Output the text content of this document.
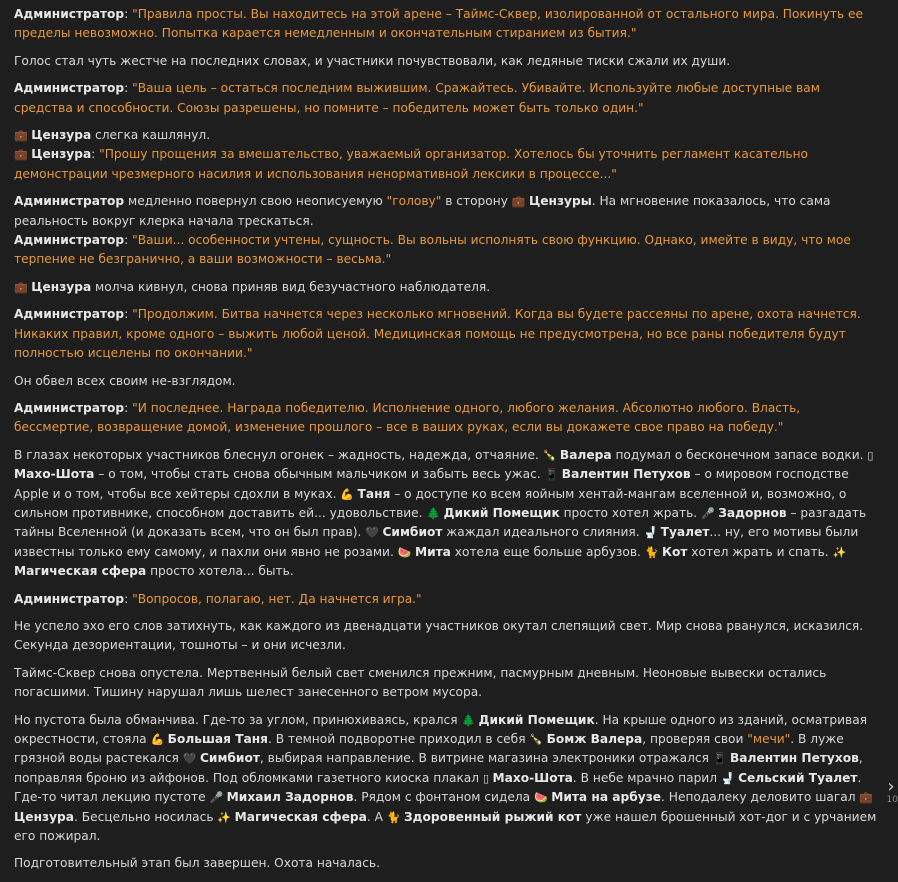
Администратор: "Правила просты. Вы находитесь на этой арене – Таймс-Сквер, изолированной от остального мира. Покинуть ее пределы невозможно. Попытка карается немедленным и окончательным стиранием из бытия."
Голос стал чуть жестче на последних словах, и участники почувствовали, как ледяные тиски сжали их души.
Администратор: "Ваша цель – остаться последним выжившим. Сражайтесь. Убивайте. Используйте любые доступные вам средства и способности. Союзы разрешены, но помните – победитель может быть только один."
💼 Цензура слегка кашлянул.
💼 Цензура: "Прошу прощения за вмешательство, уважаемый организатор. Хотелось бы уточнить регламент касательно демонстрации чрезмерного насилия и использования ненормативной лексики в процессе..."
Администратор медленно повернул свою неописуемую "голову" в сторону 💼 Цензуры. На мгновение показалось, что сама реальность вокруг клерка начала трескаться.
Администратор: "Ваши... особенности учтены, сущность. Вы вольны исполнять свою функцию. Однако, имейте в виду, что мое терпение не безгранично, а ваши возможности – весьма."
💼 Цензура молча кивнул, снова приняв вид безучастного наблюдателя.
Администратор: "Продолжим. Битва начнется через несколько мгновений. Когда вы будете рассеяны по арене, охота начнется. Никаких правил, кроме одного – выжить любой ценой. Медицинская помощь не предусмотрена, но все раны победителя будут полностью исцелены по окончании."
Он обвел всех своим не-взглядом.
Администратор: "И последнее. Награда победителю. Исполнение одного, любого желания. Абсолютно любого. Власть, бессмертие, возвращение домой, изменение прошлого – все в ваших руках, если вы докажете свое право на победу."
В глазах некоторых участников блеснул огонек – жадность, надежда, отчаяние. 🍾 Валера подумал о бесконечном запасе водки. ▯ Махо-Шота – о том, чтобы стать снова обычным мальчиком и забыть весь ужас. 📱 Валентин Петухов – о мировом господстве Apple и о том, чтобы все хейтеры сдохли в муках. 💪 Таня – о доступе ко всем яойным хентай-мангам вселенной и, возможно, о сильном противнике, способном доставить ей... удовольствие. 🌲 Дикий Помещик просто хотел жрать. 🎤 Задорнов – разгадать тайны Вселенной (и доказать всем, что он был прав). 🖤 Симбиот жаждал идеального слияния. 🚽 Туалет... ну, его мотивы были известны только ему самому, и пахли они явно не розами. 🍉 Мита хотела еще больше арбузов. 🐈 Кот хотел жрать и спать. ✨ Магическая сфера просто хотела... быть.
Администратор: "Вопросов, полагаю, нет. Да начнется игра."
Не успело эхо его слов затихнуть, как каждого из двенадцати участников окутал слепящий свет. Мир снова рванулся, исказился. Секунда дезориентации, тошноты – и они исчезли.
Таймс-Сквер снова опустела. Мертвенный белый свет сменился прежним, пасмурным дневным. Неоновые вывески остались погасшими. Тишину нарушал лишь шелест занесенного ветром мусора.
Но пустота была обманчива. Где-то за углом, принюхиваясь, крался 🌲 Дикий Помещик. На крыше одного из зданий, осматривая окрестности, стояла 💪 Большая Таня. В темной подворотне приходил в себя 🍾 Бомж Валера, проверяя свои "мечи". В луже грязной воды растекался 🖤 Симбиот, выбирая направление. В витрине магазина электроники отражался 📱 Валентин Петухов, поправляя броню из айфонов. Под обломками газетного киоска плакал ▯ Махо-Шота. В небе мрачно парил 🚽 Сельский Туалет. Где-то читал лекцию пустоте 🎤 Михаил Задорнов. Рядом с фонтаном сидела 🍉 Мита на арбузе. Неподалеку деловито шагал 💼 Цензура. Бесцельно носилась ✨ Магическая сфера. А 🐈 Здоровенный рыжий кот уже нашел брошенный хот-дог и с урчанием его пожирал.
Подготовительный этап был завершен. Охота началась.
›
10
